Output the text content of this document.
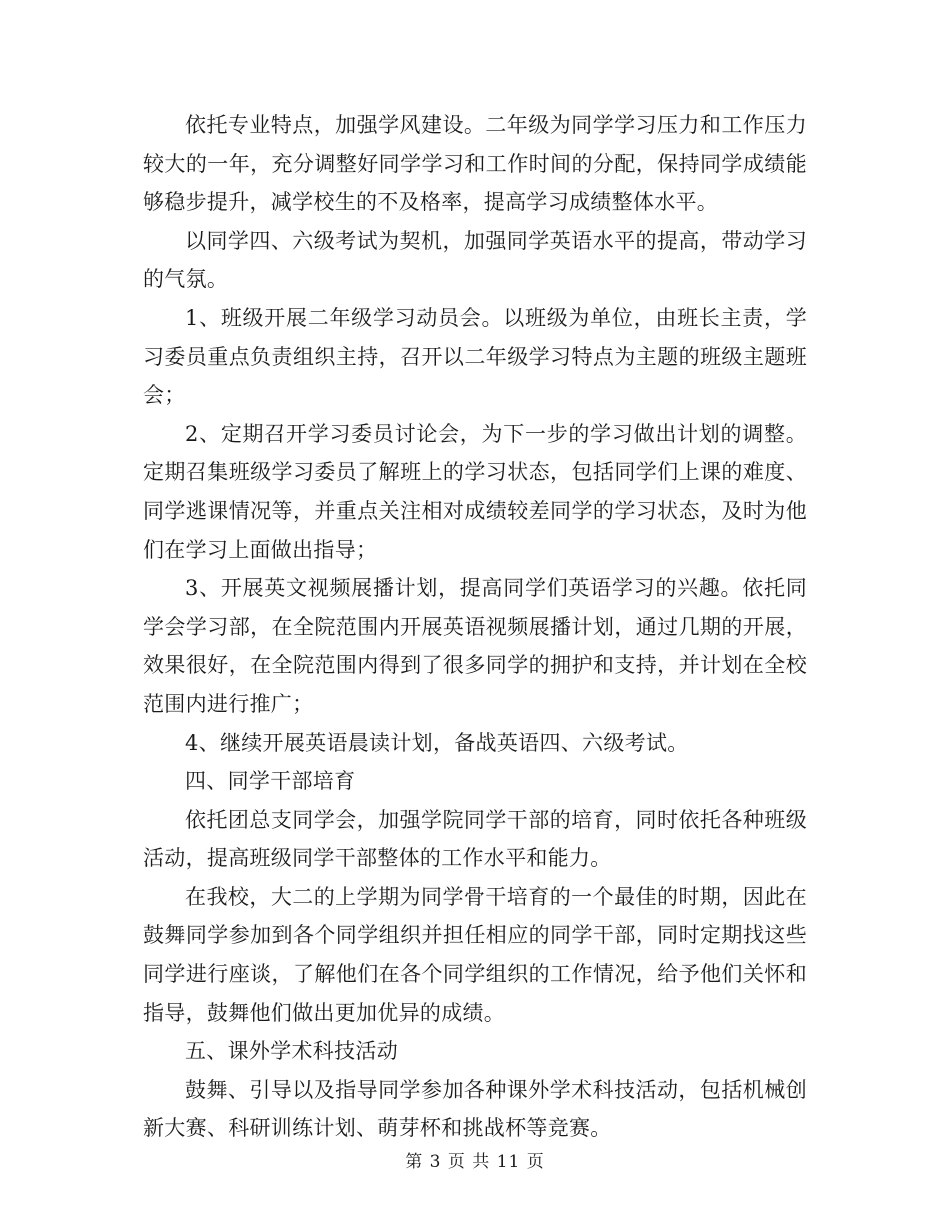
依托专业特点，加强学风建设。二年级为同学学习压力和工作压力较大的一年，充分调整好同学学习和工作时间的分配，保持同学成绩能够稳步提升，减学校生的不及格率，提高学习成绩整体水平。

以同学四、六级考试为契机，加强同学英语水平的提高，带动学习的气氛。

1、班级开展二年级学习动员会。以班级为单位，由班长主责，学习委员重点负责组织主持，召开以二年级学习特点为主题的班级主题班会；

2、定期召开学习委员讨论会，为下一步的学习做出计划的调整。定期召集班级学习委员了解班上的学习状态，包括同学们上课的难度、同学逃课情况等，并重点关注相对成绩较差同学的学习状态，及时为他们在学习上面做出指导；

3、开展英文视频展播计划，提高同学们英语学习的兴趣。依托同学会学习部，在全院范围内开展英语视频展播计划，通过几期的开展，效果很好，在全院范围内得到了很多同学的拥护和支持，并计划在全校范围内进行推广；

4、继续开展英语晨读计划，备战英语四、六级考试。

四、同学干部培育

依托团总支同学会，加强学院同学干部的培育，同时依托各种班级活动，提高班级同学干部整体的工作水平和能力。

在我校，大二的上学期为同学骨干培育的一个最佳的时期，因此在鼓舞同学参加到各个同学组织并担任相应的同学干部，同时定期找这些同学进行座谈，了解他们在各个同学组织的工作情况，给予他们关怀和指导，鼓舞他们做出更加优异的成绩。

五、课外学术科技活动

鼓舞、引导以及指导同学参加各种课外学术科技活动，包括机械创新大赛、科研训练计划、萌芽杯和挑战杯等竞赛。

第 3 页 共 11 页
